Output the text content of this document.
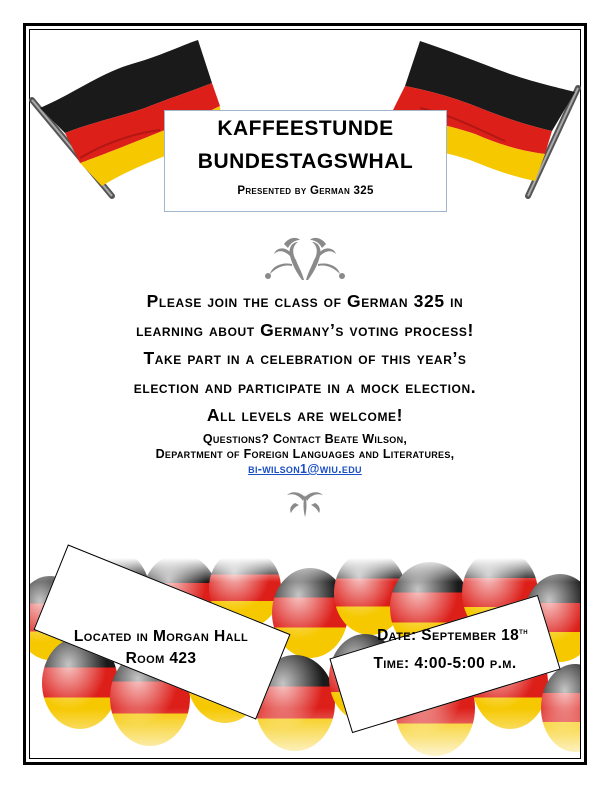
KAFFEESTUNDE
BUNDESTAGSWHAL
Presented by German 325
Please join the class of German 325 in
learning about Germany’s voting process!
Take part in a celebration of this year’s
election and participate in a mock election.
All levels are welcome!
Questions? Contact Beate Wilson,
Department of Foreign Languages and Literatures,
bi-wilson1@wiu.edu
Located in Morgan Hall
Room 423
Date: September 18th
Time: 4:00-5:00 p.m.
